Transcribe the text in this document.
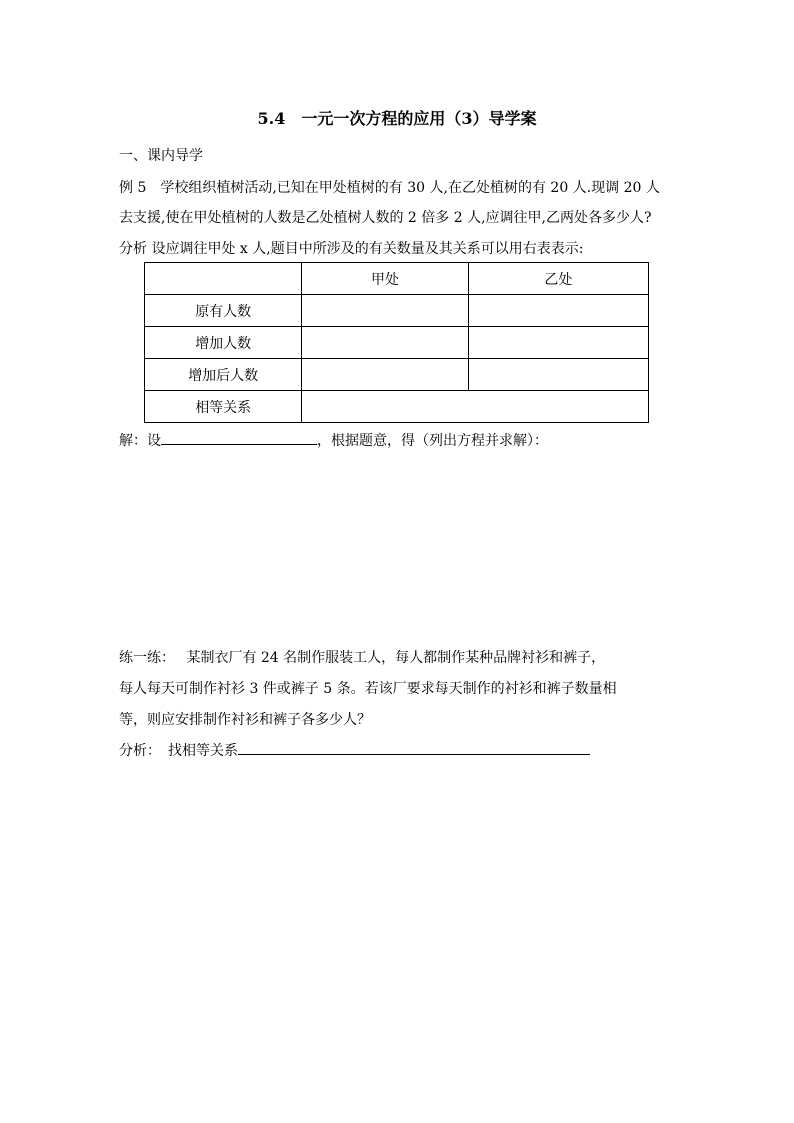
5.4　一元一次方程的应用（3）导学案
一、课内导学
例 5　学校组织植树活动,已知在甲处植树的有 30 人,在乙处植树的有 20 人.现调 20 人
去支援,使在甲处植树的人数是乙处植树人数的 2 倍多 2 人,应调往甲,乙两处各多少人?
分析 设应调往甲处 x 人,题目中所涉及的有关数量及其关系可以用右表表示:
	甲处	乙处
原有人数		
增加人数		
增加后人数		
相等关系		
解：设	，根据题意，得（列出方程并求解）：
练一练：　 某制衣厂有 24 名制作服装工人，每人都制作某种品牌衬衫和裤子，
每人每天可制作衬衫 3 件或裤子 5 条。若该厂要求每天制作的衬衫和裤子数量相
等，则应安排制作衬衫和裤子各多少人？
分析：　找相等关系
